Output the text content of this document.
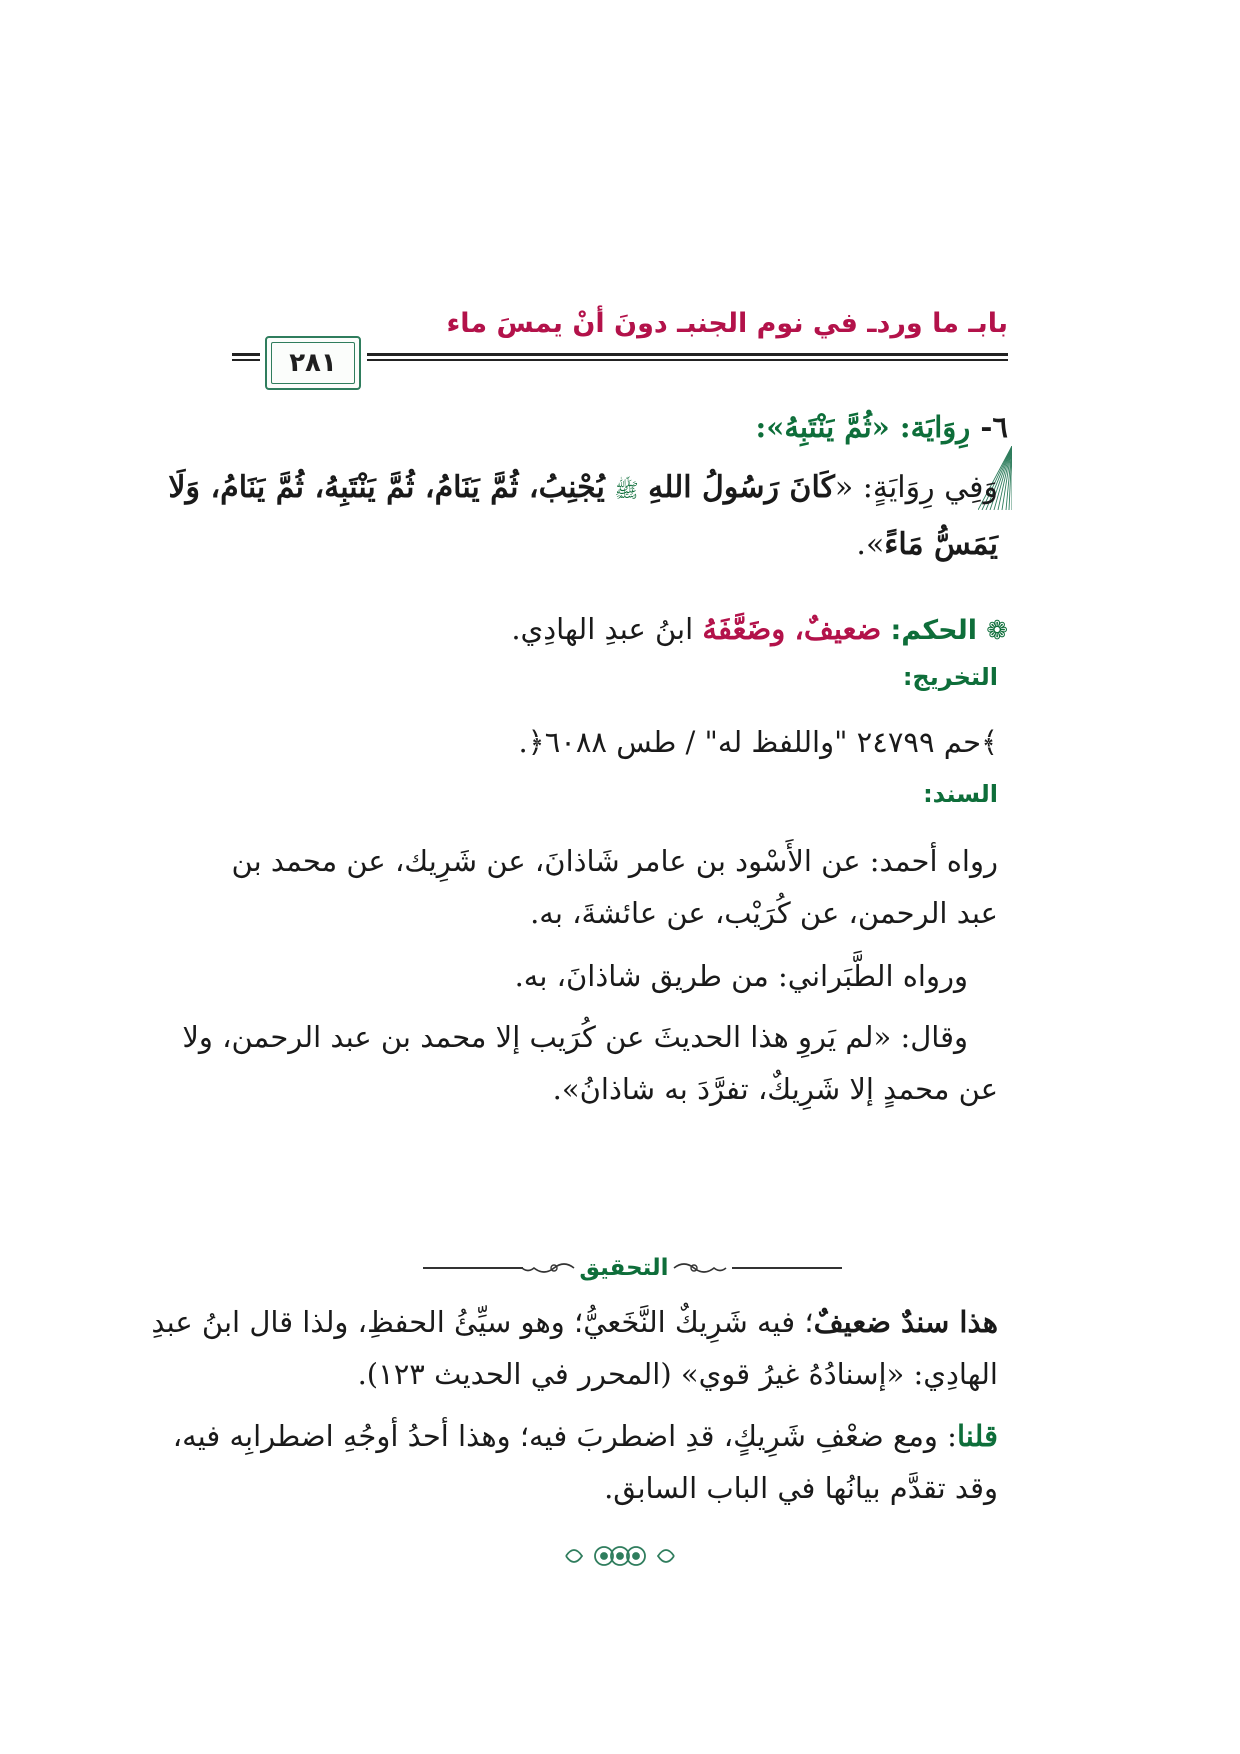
بابـ ما وردـ في نوم الجنبـ دونَ أنْ يمسَ ماء
٢٨١
٦- رِوَايَة: «ثُمَّ يَنْتَبِهُ»:
وَفِي رِوَايَةٍ: «كَانَ رَسُولُ اللهِ ﷺ يُجْنِبُ، ثُمَّ يَنَامُ، ثُمَّ يَنْتَبِهُ، ثُمَّ يَنَامُ، وَلَا
يَمَسُّ مَاءً».
❁ الحكم: ضعيفٌ، وضَعَّفَهُ ابنُ عبدِ الهادِي.
التخريج:
﴾حم ٢٤٧٩٩ "واللفظ له" / طس ٦٠٨٨﴿.
السند:
رواه أحمد: عن الأَسْود بن عامر شَاذانَ، عن شَرِيك، عن محمد بن
عبد الرحمن، عن كُرَيْب، عن عائشةَ، به.
ورواه الطَّبَراني: من طريق شاذانَ، به.
وقال: «لم يَروِ هذا الحديثَ عن كُرَيب إلا محمد بن عبد الرحمن، ولا
عن محمدٍ إلا شَرِيكٌ، تفرَّدَ به شاذانُ».
التحقيق
هذا سندٌ ضعيفٌ؛ فيه شَرِيكٌ النَّخَعيُّ؛ وهو سيِّئُ الحفظِ، ولذا قال ابنُ عبدِ
الهادِي: «إسنادُهُ غيرُ قوي» (المحرر في الحديث ١٢٣).
قلنا: ومع ضعْفِ شَرِيكٍ، قدِ اضطربَ فيه؛ وهذا أحدُ أوجُهِ اضطرابِه فيه،
وقد تقدَّم بيانُها في الباب السابق.
